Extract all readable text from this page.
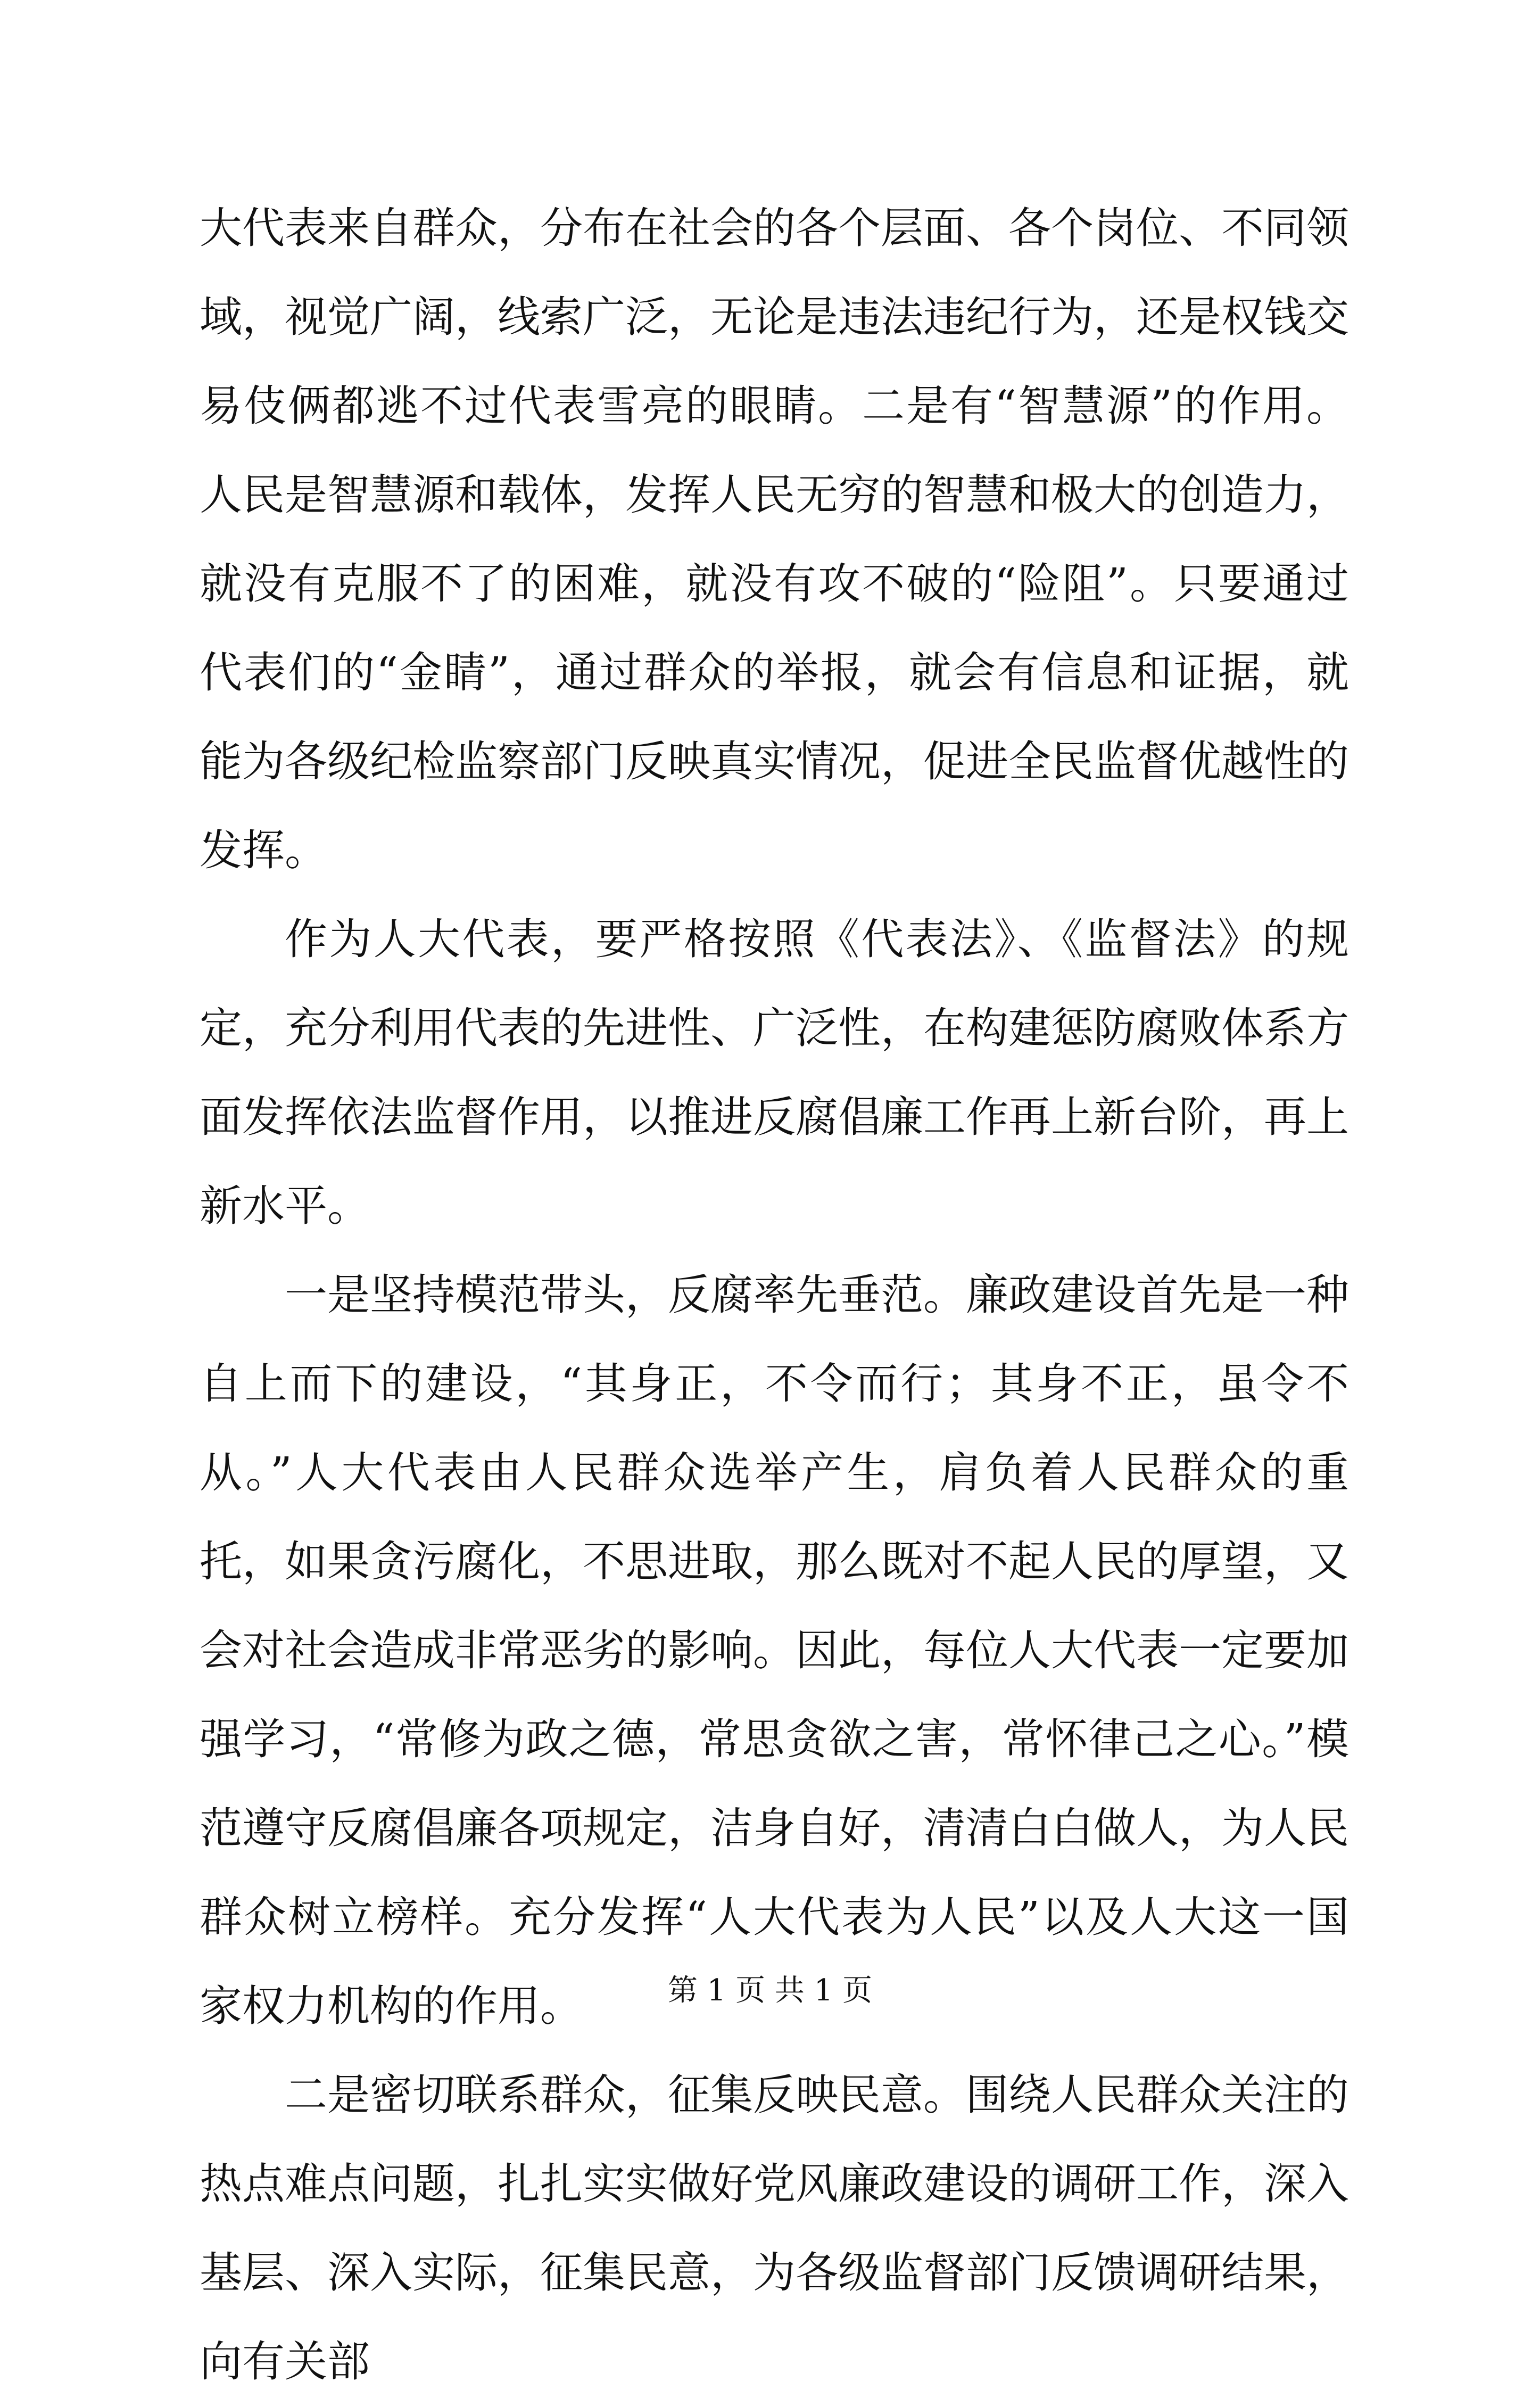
大代表来自群众，分布在社会的各个层面、各个岗位、不同领域，视觉广阔，线索广泛，无论是违法违纪行为，还是权钱交易伎俩都逃不过代表雪亮的眼睛。二是有“智慧源”的作用。人民是智慧源和载体，发挥人民无穷的智慧和极大的创造力，就没有克服不了的困难，就没有攻不破的“险阻”。只要通过代表们的“金睛”，通过群众的举报，就会有信息和证据，就能为各级纪检监察部门反映真实情况，促进全民监督优越性的发挥。

作为人大代表，要严格按照《代表法》、《监督法》的规定，充分利用代表的先进性、广泛性，在构建惩防腐败体系方面发挥依法监督作用，以推进反腐倡廉工作再上新台阶，再上新水平。

一是坚持模范带头，反腐率先垂范。廉政建设首先是一种自上而下的建设，“其身正，不令而行；其身不正，虽令不从。”人大代表由人民群众选举产生，肩负着人民群众的重托，如果贪污腐化，不思进取，那么既对不起人民的厚望，又会对社会造成非常恶劣的影响。因此，每位人大代表一定要加强学习，“常修为政之德，常思贪欲之害，常怀律己之心。”模范遵守反腐倡廉各项规定，洁身自好，清清白白做人，为人民群众树立榜样。充分发挥“人大代表为人民”以及人大这一国家权力机构的作用。

二是密切联系群众，征集反映民意。围绕人民群众关注的热点难点问题，扎扎实实做好党风廉政建设的调研工作，深入基层、深入实际，征集民意，为各级监督部门反馈调研结果，向有关部

第 1 页 共 1 页
